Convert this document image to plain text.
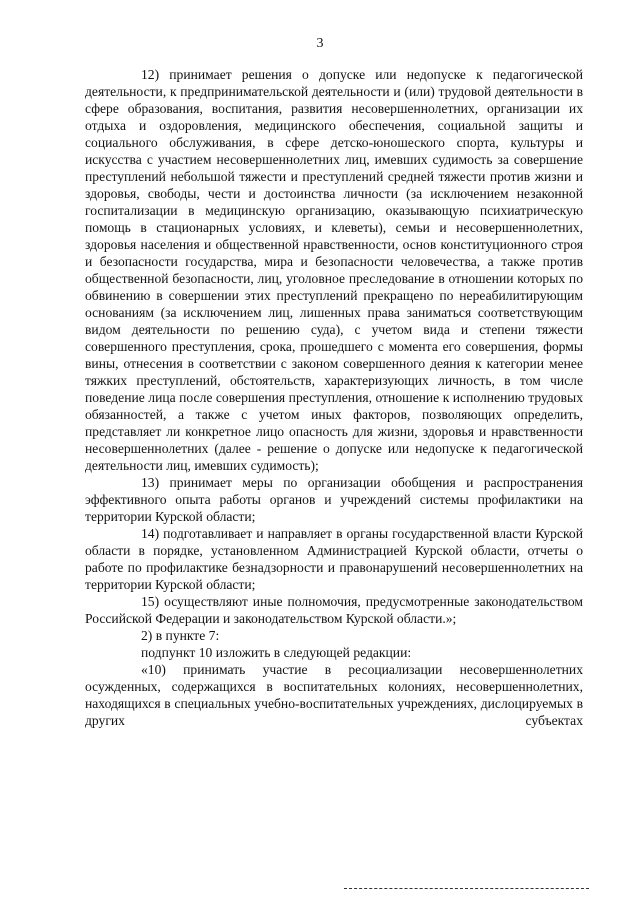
3

12) принимает решения о допуске или недопуске к педагогической деятельности, к предпринимательской деятельности и (или) трудовой деятельности в сфере образования, воспитания, развития несовершеннолетних, организации их отдыха и оздоровления, медицинского обеспечения, социальной защиты и социального обслуживания, в сфере детско-юношеского спорта, культуры и искусства с участием несовершеннолетних лиц, имевших судимость за совершение преступлений небольшой тяжести и преступлений средней тяжести против жизни и здоровья, свободы, чести и достоинства личности (за исключением незаконной госпитализации в медицинскую организацию, оказывающую психиатрическую помощь в стационарных условиях, и клеветы), семьи и несовершеннолетних, здоровья населения и общественной нравственности, основ конституционного строя и безопасности государства, мира и безопасности человечества, а также против общественной безопасности, лиц, уголовное преследование в отношении которых по обвинению в совершении этих преступлений прекращено по нереабилитирующим основаниям (за исключением лиц, лишенных права заниматься соответствующим видом деятельности по решению суда), с учетом вида и степени тяжести совершенного преступления, срока, прошедшего с момента его совершения, формы вины, отнесения в соответствии с законом совершенного деяния к категории менее тяжких преступлений, обстоятельств, характеризующих личность, в том числе поведение лица после совершения преступления, отношение к исполнению трудовых обязанностей, а также с учетом иных факторов, позволяющих определить, представляет ли конкретное лицо опасность для жизни, здоровья и нравственности несовершеннолетних (далее - решение о допуске или недопуске к педагогической деятельности лиц, имевших судимость);

13) принимает меры по организации обобщения и распространения эффективного опыта работы органов и учреждений системы профилактики на территории Курской области;

14) подготавливает и направляет в органы государственной власти Курской области в порядке, установленном Администрацией Курской области, отчеты о работе по профилактике безнадзорности и правонарушений несовершеннолетних на территории Курской области;

15) осуществляют иные полномочия, предусмотренные законодательством Российской Федерации и законодательством Курской области.»;

2) в пункте 7:

подпункт 10 изложить в следующей редакции:

«10) принимать участие в ресоциализации несовершеннолетних осужденных, содержащихся в воспитательных колониях, несовершеннолетних, находящихся в специальных учебно-воспитательных учреждениях, дислоцируемых в других субъектах
